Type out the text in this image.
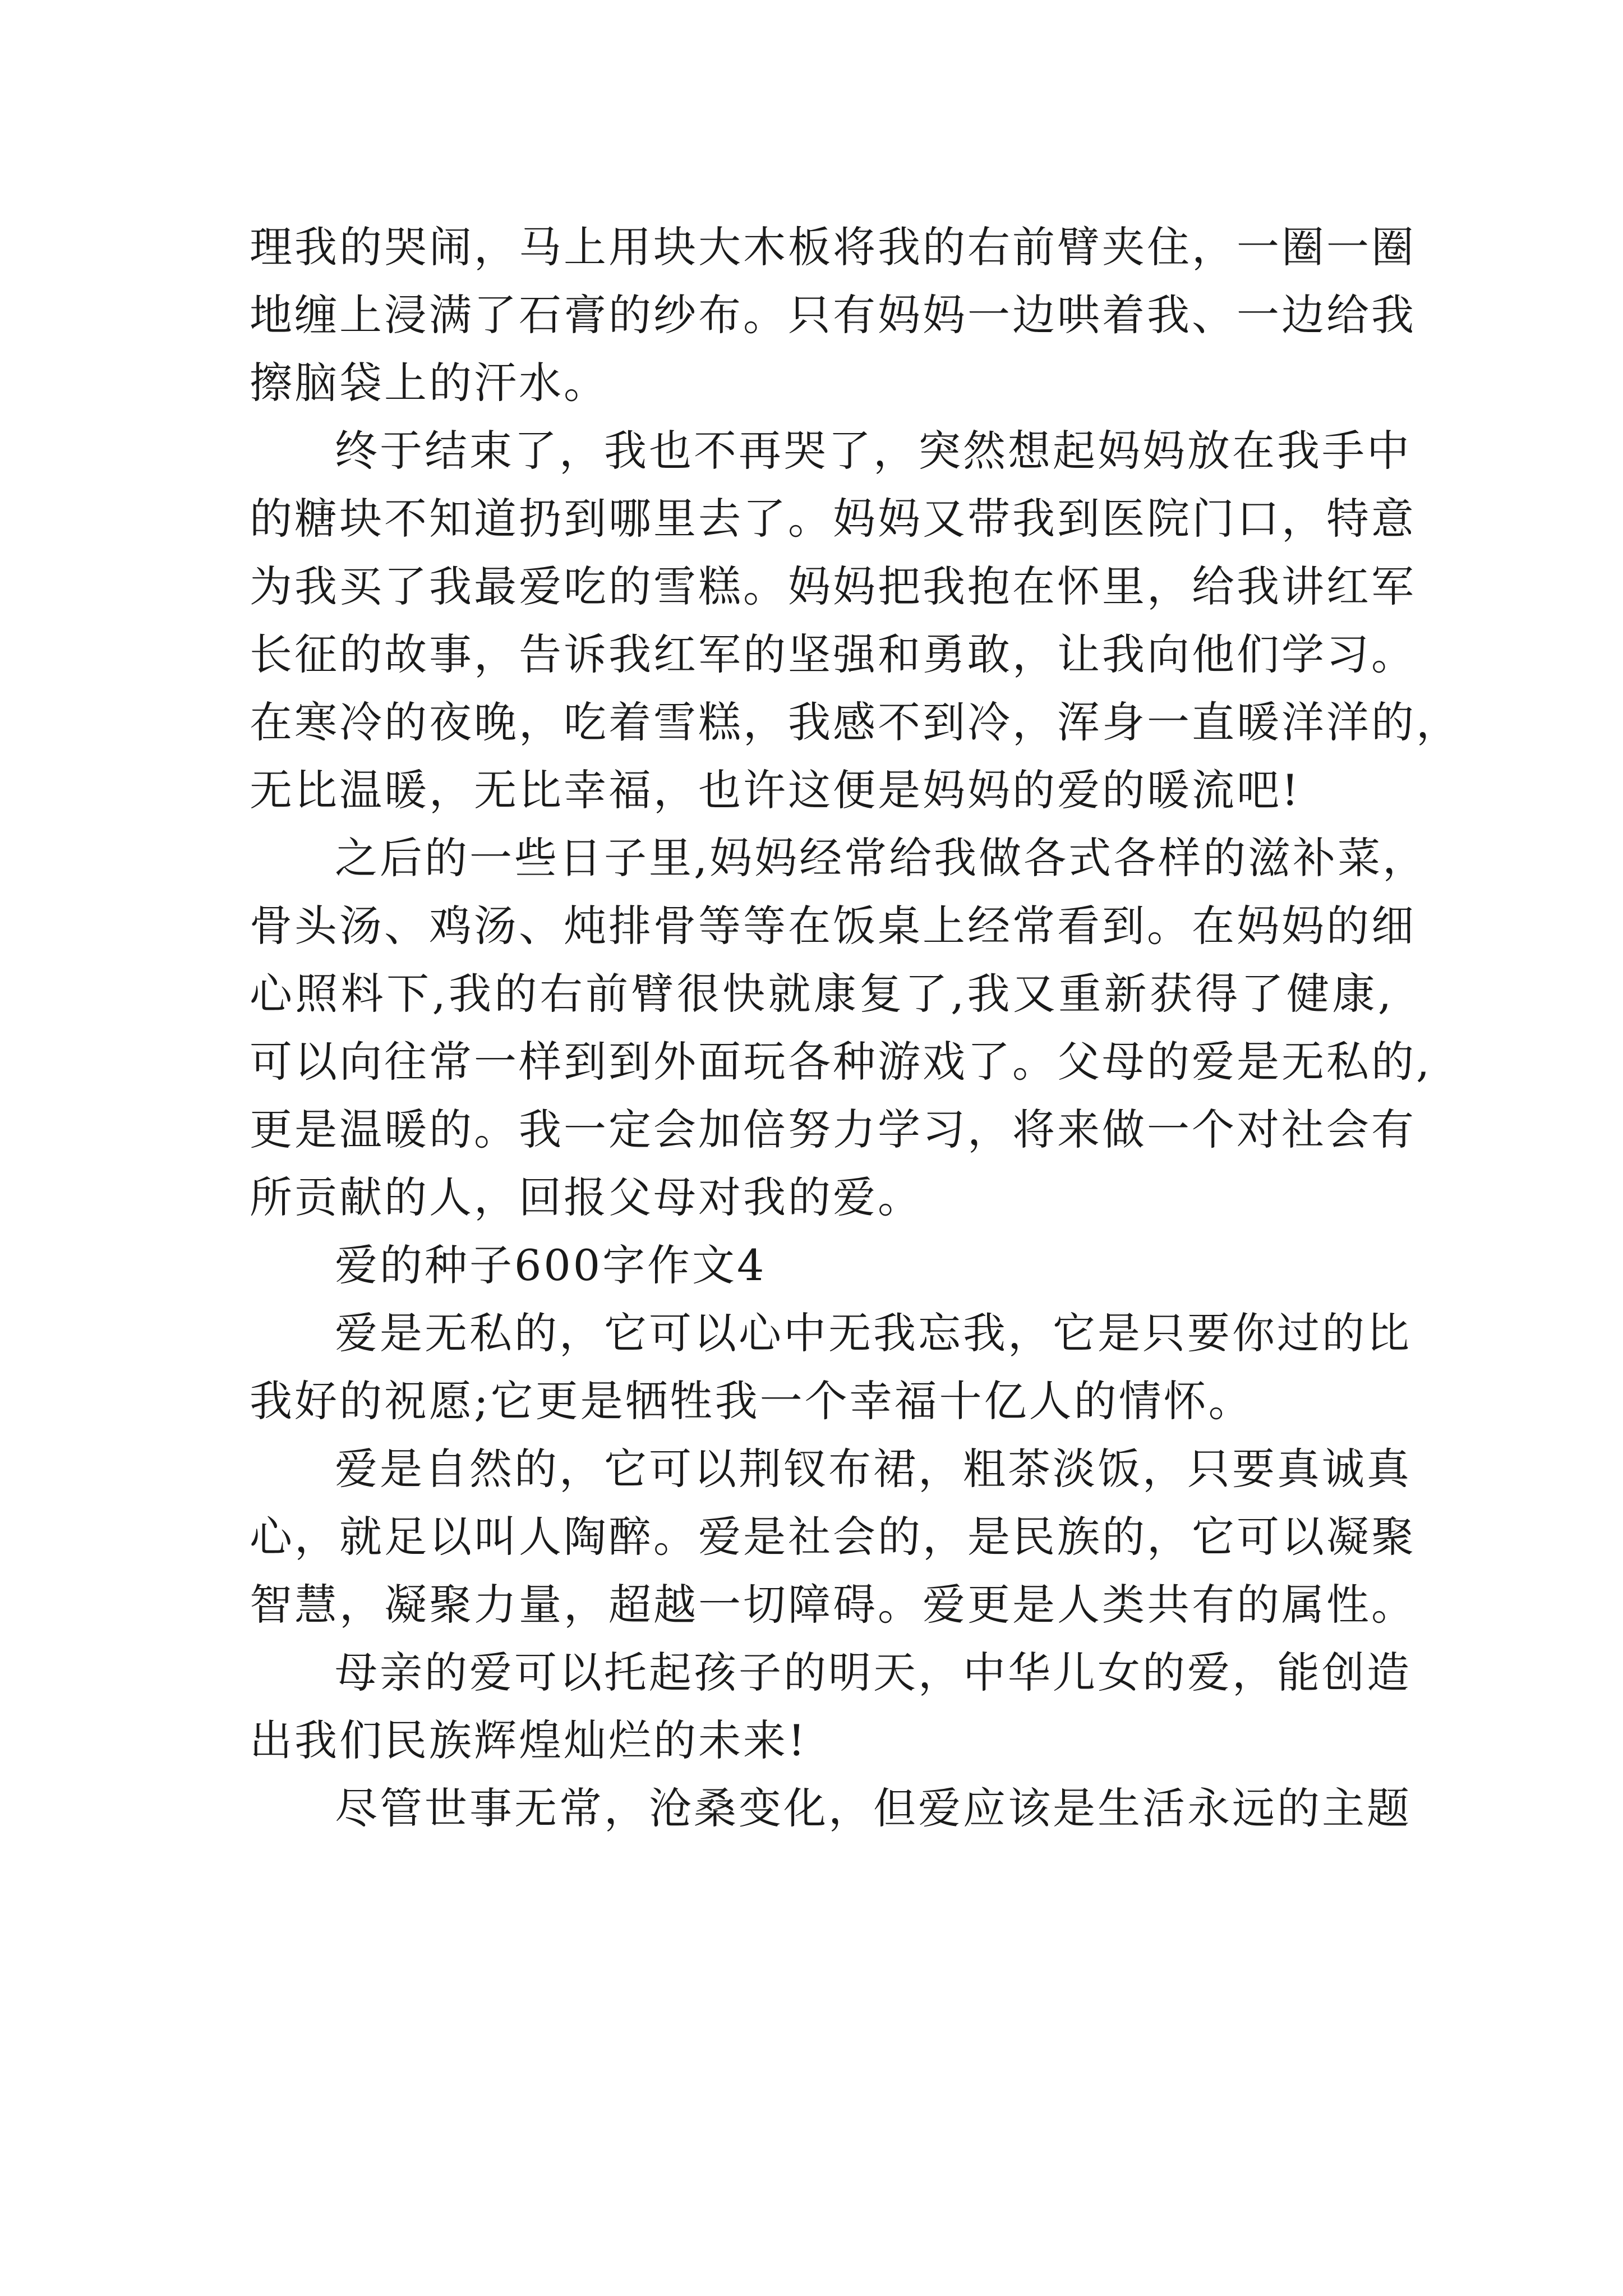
理我的哭闹，马上用块大木板将我的右前臂夹住，一圈一圈
地缠上浸满了石膏的纱布。只有妈妈一边哄着我、一边给我
擦脑袋上的汗水。

终于结束了，我也不再哭了，突然想起妈妈放在我手中
的糖块不知道扔到哪里去了。妈妈又带我到医院门口，特意
为我买了我最爱吃的雪糕。妈妈把我抱在怀里，给我讲红军
长征的故事，告诉我红军的坚强和勇敢，让我向他们学习。
在寒冷的夜晚，吃着雪糕，我感不到冷，浑身一直暖洋洋的，
无比温暖，无比幸福，也许这便是妈妈的爱的暖流吧!

之后的一些日子里,妈妈经常给我做各式各样的滋补菜，
骨头汤、鸡汤、炖排骨等等在饭桌上经常看到。在妈妈的细
心照料下,我的右前臂很快就康复了,我又重新获得了健康,
可以向往常一样到到外面玩各种游戏了。父母的爱是无私的,
更是温暖的。我一定会加倍努力学习，将来做一个对社会有
所贡献的人，回报父母对我的爱。

爱的种子600字作文4

爱是无私的，它可以心中无我忘我，它是只要你过的比
我好的祝愿;它更是牺牲我一个幸福十亿人的情怀。

爱是自然的，它可以荆钗布裙，粗茶淡饭，只要真诚真
心，就足以叫人陶醉。爱是社会的，是民族的，它可以凝聚
智慧，凝聚力量，超越一切障碍。爱更是人类共有的属性。

母亲的爱可以托起孩子的明天，中华儿女的爱，能创造
出我们民族辉煌灿烂的未来!

尽管世事无常，沧桑变化，但爱应该是生活永远的主题
